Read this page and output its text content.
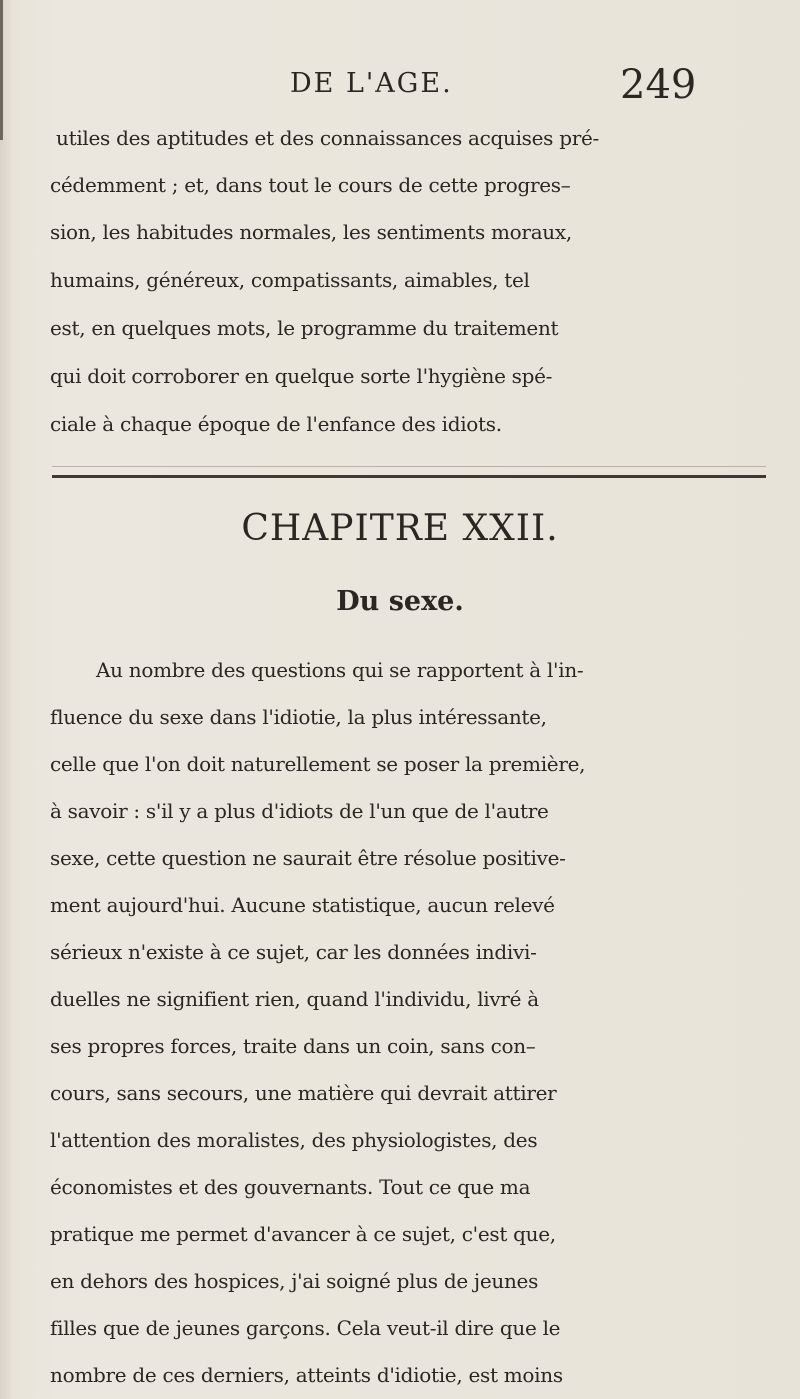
DE L'AGE.	249
utiles des aptitudes et des connaissances acquises pré-
cédemment ; et, dans tout le cours de cette progres–
sion, les habitudes normales, les sentiments moraux,
humains, généreux, compatissants, aimables, tel
est, en quelques mots, le programme du traitement
qui doit corroborer en quelque sorte l'hygiène spé-
ciale à chaque époque de l'enfance des idiots.
CHAPITRE XXII.
Du sexe.
Au nombre des questions qui se rapportent à l'in-
fluence du sexe dans l'idiotie, la plus intéressante,
celle que l'on doit naturellement se poser la première,
à savoir : s'il y a plus d'idiots de l'un que de l'autre
sexe, cette question ne saurait être résolue positive-
ment aujourd'hui. Aucune statistique, aucun relevé
sérieux n'existe à ce sujet, car les données indivi-
duelles ne signifient rien, quand l'individu, livré à
ses propres forces, traite dans un coin, sans con–
cours, sans secours, une matière qui devrait attirer
l'attention des moralistes, des physiologistes, des
économistes et des gouvernants. Tout ce que ma
pratique me permet d'avancer à ce sujet, c'est que,
en dehors des hospices, j'ai soigné plus de jeunes
filles que de jeunes garçons. Cela veut-il dire que le
nombre de ces derniers, atteints d'idiotie, est moins
